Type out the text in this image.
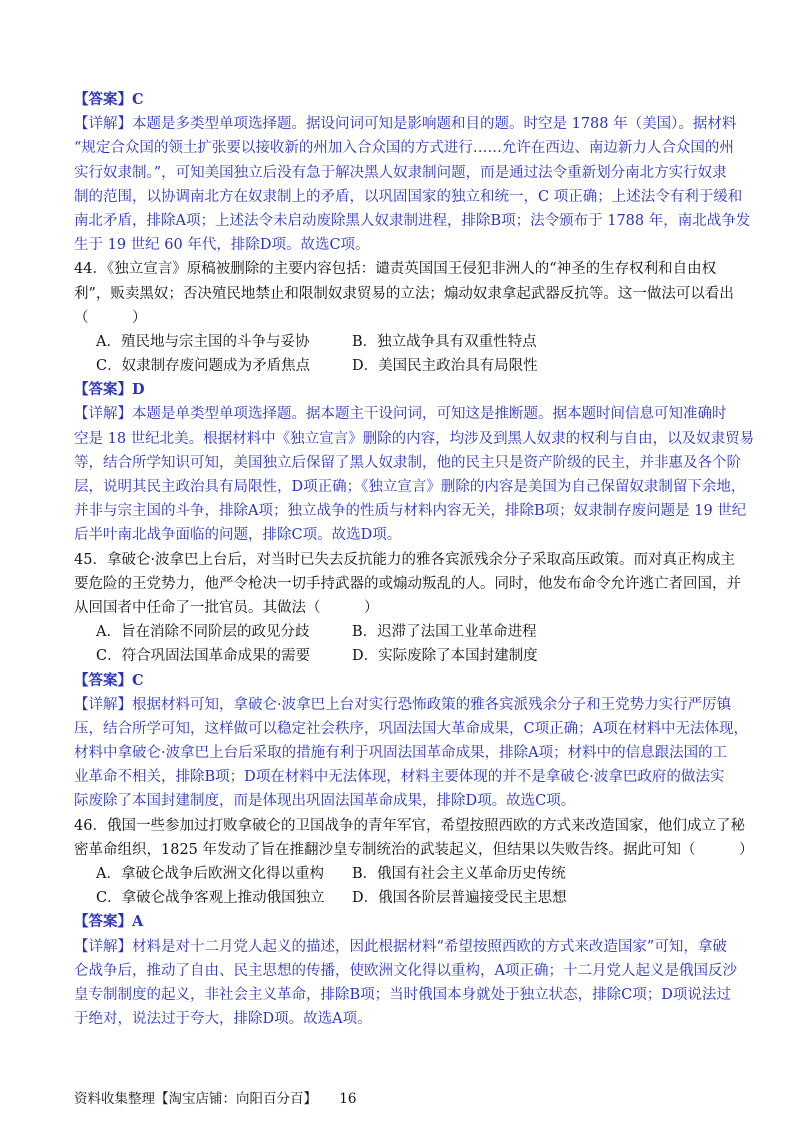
【答案】C
【详解】本题是多类型单项选择题。据设问词可知是影响题和目的题。时空是 1788 年（美国）。据材料
“规定合众国的领土扩张要以接收新的州加入合众国的方式进行……允许在西边、南边新力人合众国的州
实行奴隶制。”，可知美国独立后没有急于解决黑人奴隶制问题，而是通过法令重新划分南北方实行奴隶
制的范围，以协调南北方在奴隶制上的矛盾，以巩固国家的独立和统一，C 项正确；上述法令有利于缓和
南北矛盾，排除A项；上述法令未启动废除黑人奴隶制进程，排除B项；法令颁布于 1788 年，南北战争发
生于 19 世纪 60 年代，排除D项。故选C项。
44．《独立宣言》原稿被删除的主要内容包括：谴责英国国王侵犯非洲人的“神圣的生存权利和自由权
利”，贩卖黑奴；否决殖民地禁止和限制奴隶贸易的立法；煽动奴隶拿起武器反抗等。这一做法可以看出
（　　　）
A．殖民地与宗主国的斗争与妥协	B．独立战争具有双重性特点
C．奴隶制存废问题成为矛盾焦点	D．美国民主政治具有局限性
【答案】D
【详解】本题是单类型单项选择题。据本题主干设问词，可知这是推断题。据本题时间信息可知准确时
空是 18 世纪北美。根据材料中《独立宣言》删除的内容，均涉及到黑人奴隶的权利与自由，以及奴隶贸易
等，结合所学知识可知，美国独立后保留了黑人奴隶制，他的民主只是资产阶级的民主，并非惠及各个阶
层，说明其民主政治具有局限性，D项正确；《独立宣言》删除的内容是美国为自己保留奴隶制留下余地，
并非与宗主国的斗争，排除A项；独立战争的性质与材料内容无关，排除B项；奴隶制存废问题是 19 世纪
后半叶南北战争面临的问题，排除C项。故选D项。
45．拿破仑·波拿巴上台后，对当时已失去反抗能力的雅各宾派残余分子采取高压政策。而对真正构成主
要危险的王党势力，他严令枪决一切手持武器的或煽动叛乱的人。同时，他发布命令允许逃亡者回国，并
从回国者中任命了一批官员。其做法（　　　）
A．旨在消除不同阶层的政见分歧	B．迟滞了法国工业革命进程
C．符合巩固法国革命成果的需要	D．实际废除了本国封建制度
【答案】C
【详解】根据材料可知，拿破仑·波拿巴上台对实行恐怖政策的雅各宾派残余分子和王党势力实行严厉镇
压，结合所学可知，这样做可以稳定社会秩序，巩固法国大革命成果，C项正确；A项在材料中无法体现，
材料中拿破仑·波拿巴上台后采取的措施有利于巩固法国革命成果，排除A项；材料中的信息跟法国的工
业革命不相关，排除B项；D项在材料中无法体现，材料主要体现的并不是拿破仑·波拿巴政府的做法实
际废除了本国封建制度，而是体现出巩固法国革命成果，排除D项。故选C项。
46．俄国一些参加过打败拿破仑的卫国战争的青年军官，希望按照西欧的方式来改造国家，他们成立了秘
密革命组织，1825 年发动了旨在推翻沙皇专制统治的武装起义，但结果以失败告终。据此可知（　　　）
A．拿破仑战争后欧洲文化得以重构	B．俄国有社会主义革命历史传统
C．拿破仑战争客观上推动俄国独立	D．俄国各阶层普遍接受民主思想
【答案】A
【详解】材料是对十二月党人起义的描述，因此根据材料“希望按照西欧的方式来改造国家”可知，拿破
仑战争后，推动了自由、民主思想的传播，使欧洲文化得以重构，A项正确；十二月党人起义是俄国反沙
皇专制制度的起义，非社会主义革命，排除B项；当时俄国本身就处于独立状态，排除C项；D项说法过
于绝对，说法过于夸大，排除D项。故选A项。
资料收集整理【淘宝店铺：向阳百分百】 16
